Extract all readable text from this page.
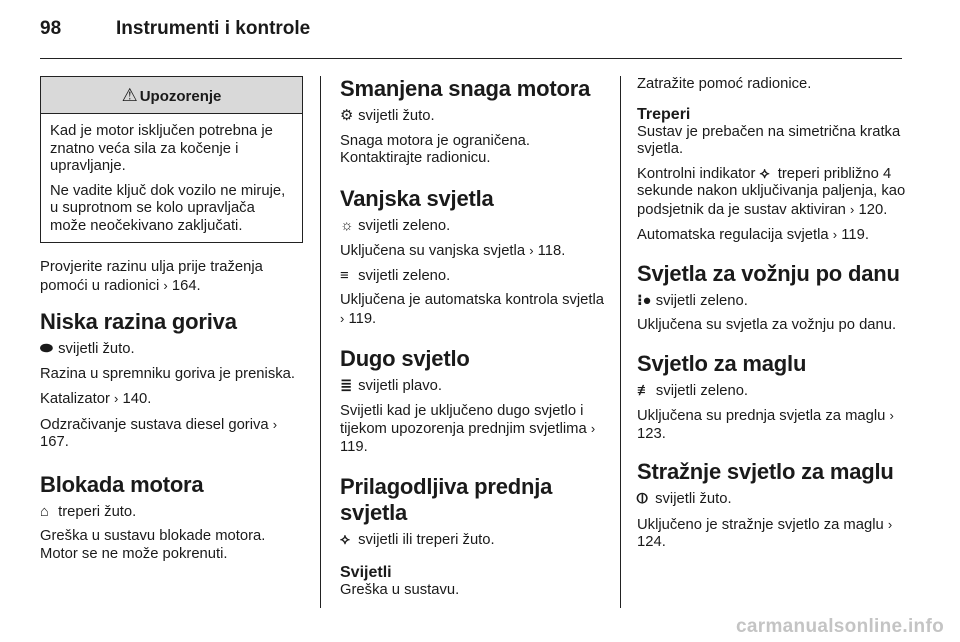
98	Instrumenti i kontrole
⚠ Upozorenje

Kad je motor isključen potrebna je znatno veća sila za kočenje i upravljanje.

Ne vadite ključ dok vozilo ne miruje, u suprotnom se kolo upravljača može neočekivano zaključati.

Provjerite razinu ulja prije traženja pomoći u radionici › 164.

Niska razina goriva

⬬ svijetli žuto.

Razina u spremniku goriva je preniska.

Katalizator › 140.

Odzračivanje sustava diesel goriva › 167.

Blokada motora

⌂ treperi žuto.

Greška u sustavu blokade motora. Motor se ne može pokrenuti.

Smanjena snaga motora

⚙ svijetli žuto.

Snaga motora je ograničena. Kontaktirajte radionicu.

Vanjska svjetla

☼ svijetli zeleno.

Uključena su vanjska svjetla › 118.

≡ svijetli zeleno.

Uključena je automatska kontrola svjetla › 119.

Dugo svjetlo

≣ svijetli plavo.

Svijetli kad je uključeno dugo svjetlo i tijekom upozorenja prednjim svjetlima › 119.

Prilagodljiva prednja svjetla

⟡ svijetli ili treperi žuto.

Svijetli

Greška u sustavu.

Zatražite pomoć radionice.

Treperi

Sustav je prebačen na simetrična kratka svjetla.

Kontrolni indikator ⟡ treperi približno 4 sekunde nakon uključivanja paljenja, kao podsjetnik da je sustav aktiviran › 120.

Automatska regulacija svjetla › 119.

Svjetla za vožnju po danu

⁝● svijetli zeleno.

Uključena su svjetla za vožnju po danu.

Svjetlo za maglu

≢ svijetli zeleno.

Uključena su prednja svjetla za maglu › 123.

Stražnje svjetlo za maglu

⦶ svijetli žuto.

Uključeno je stražnje svjetlo za maglu › 124.

carmanualsonline.info
